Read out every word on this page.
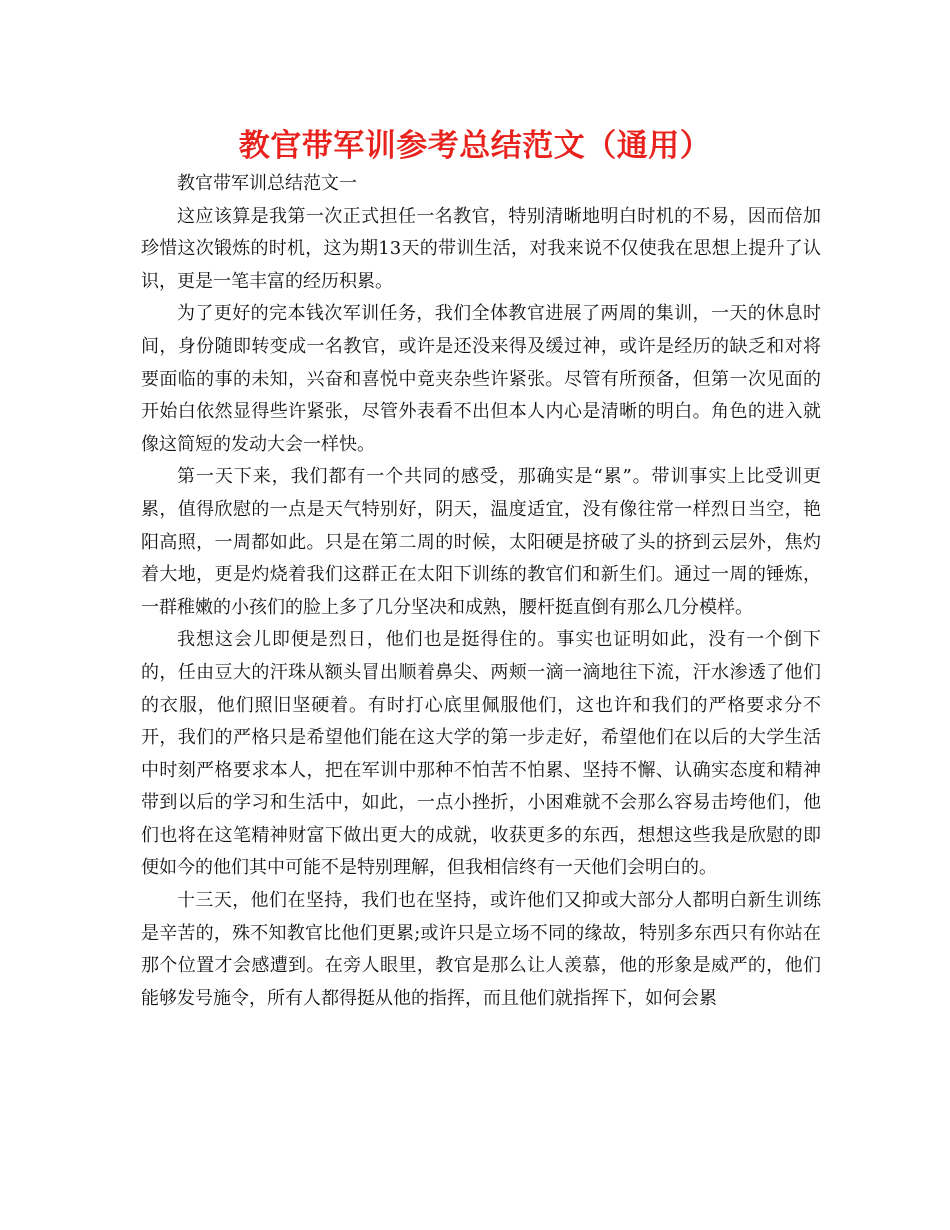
教官带军训参考总结范文（通用）

教官带军训总结范文一

这应该算是我第一次正式担任一名教官，特别清晰地明白时机的不易，因而倍加珍惜这次锻炼的时机，这为期13天的带训生活，对我来说不仅使我在思想上提升了认识，更是一笔丰富的经历积累。

为了更好的完本钱次军训任务，我们全体教官进展了两周的集训，一天的休息时间，身份随即转变成一名教官，或许是还没来得及缓过神，或许是经历的缺乏和对将要面临的事的未知，兴奋和喜悦中竟夹杂些许紧张。尽管有所预备，但第一次见面的开始白依然显得些许紧张，尽管外表看不出但本人内心是清晰的明白。角色的进入就像这简短的发动大会一样快。

第一天下来，我们都有一个共同的感受，那确实是“累”。带训事实上比受训更累，值得欣慰的一点是天气特别好，阴天，温度适宜，没有像往常一样烈日当空，艳阳高照，一周都如此。只是在第二周的时候，太阳硬是挤破了头的挤到云层外，焦灼着大地，更是灼烧着我们这群正在太阳下训练的教官们和新生们。通过一周的锤炼，一群稚嫩的小孩们的脸上多了几分坚决和成熟，腰杆挺直倒有那么几分模样。

我想这会儿即便是烈日，他们也是挺得住的。事实也证明如此，没有一个倒下的，任由豆大的汗珠从额头冒出顺着鼻尖、两颊一滴一滴地往下流，汗水渗透了他们的衣服，他们照旧坚硬着。有时打心底里佩服他们，这也许和我们的严格要求分不开，我们的严格只是希望他们能在这大学的第一步走好，希望他们在以后的大学生活中时刻严格要求本人，把在军训中那种不怕苦不怕累、坚持不懈、认确实态度和精神带到以后的学习和生活中，如此，一点小挫折，小困难就不会那么容易击垮他们，他们也将在这笔精神财富下做出更大的成就，收获更多的东西，想想这些我是欣慰的即便如今的他们其中可能不是特别理解，但我相信终有一天他们会明白的。

十三天，他们在坚持，我们也在坚持，或许他们又抑或大部分人都明白新生训练是辛苦的，殊不知教官比他们更累;或许只是立场不同的缘故，特别多东西只有你站在那个位置才会感遭到。在旁人眼里，教官是那么让人羡慕，他的形象是威严的，他们能够发号施令，所有人都得挺从他的指挥，而且他们就指挥下，如何会累
